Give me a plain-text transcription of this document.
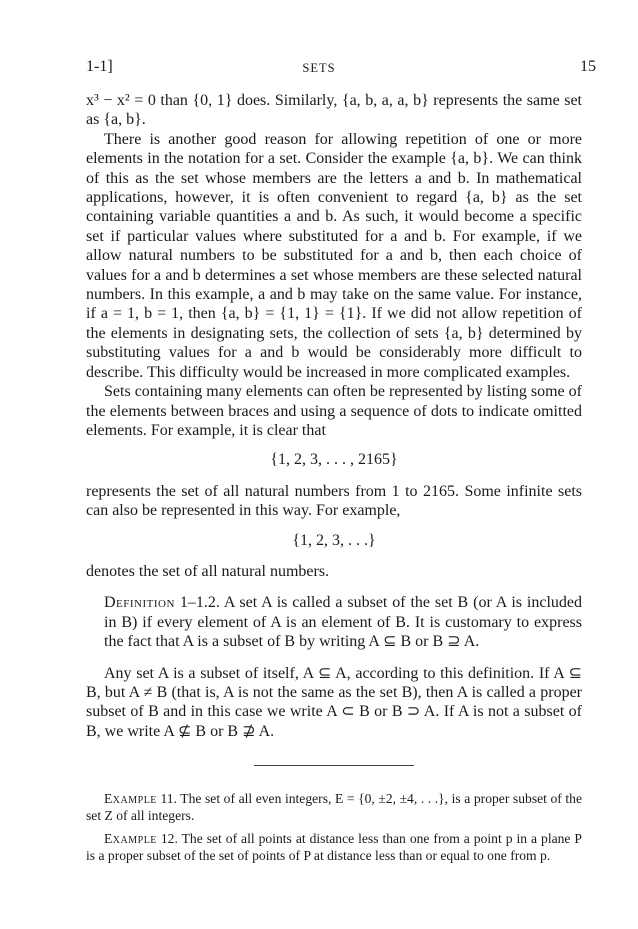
1-1]	SETS	15

x³ − x² = 0 than {0, 1} does. Similarly, {a, b, a, a, b} represents the same set as {a, b}.

There is another good reason for allowing repetition of one or more elements in the notation for a set. Consider the example {a, b}. We can think of this as the set whose members are the letters a and b. In mathematical applications, however, it is often convenient to regard {a, b} as the set containing variable quantities a and b. As such, it would become a specific set if particular values where substituted for a and b. For example, if we allow natural numbers to be substituted for a and b, then each choice of values for a and b determines a set whose members are these selected natural numbers. In this example, a and b may take on the same value. For instance, if a = 1, b = 1, then {a, b} = {1, 1} = {1}. If we did not allow repetition of the elements in designating sets, the collection of sets {a, b} determined by substituting values for a and b would be considerably more difficult to describe. This difficulty would be increased in more complicated examples.

Sets containing many elements can often be represented by listing some of the elements between braces and using a sequence of dots to indicate omitted elements. For example, it is clear that

{1, 2, 3, . . . , 2165}

represents the set of all natural numbers from 1 to 2165. Some infinite sets can also be represented in this way. For example,

{1, 2, 3, . . .}

denotes the set of all natural numbers.

Definition 1–1.2. A set A is called a subset of the set B (or A is included in B) if every element of A is an element of B. It is customary to express the fact that A is a subset of B by writing A ⊆ B or B ⊇ A.

Any set A is a subset of itself, A ⊆ A, according to this definition. If A ⊆ B, but A ≠ B (that is, A is not the same as the set B), then A is called a proper subset of B and in this case we write A ⊂ B or B ⊃ A. If A is not a subset of B, we write A ⊈ B or B ⊉ A.

Example 11. The set of all even integers, E = {0, ±2, ±4, . . .}, is a proper subset of the set Z of all integers.

Example 12. The set of all points at distance less than one from a point p in a plane P is a proper subset of the set of points of P at distance less than or equal to one from p.
